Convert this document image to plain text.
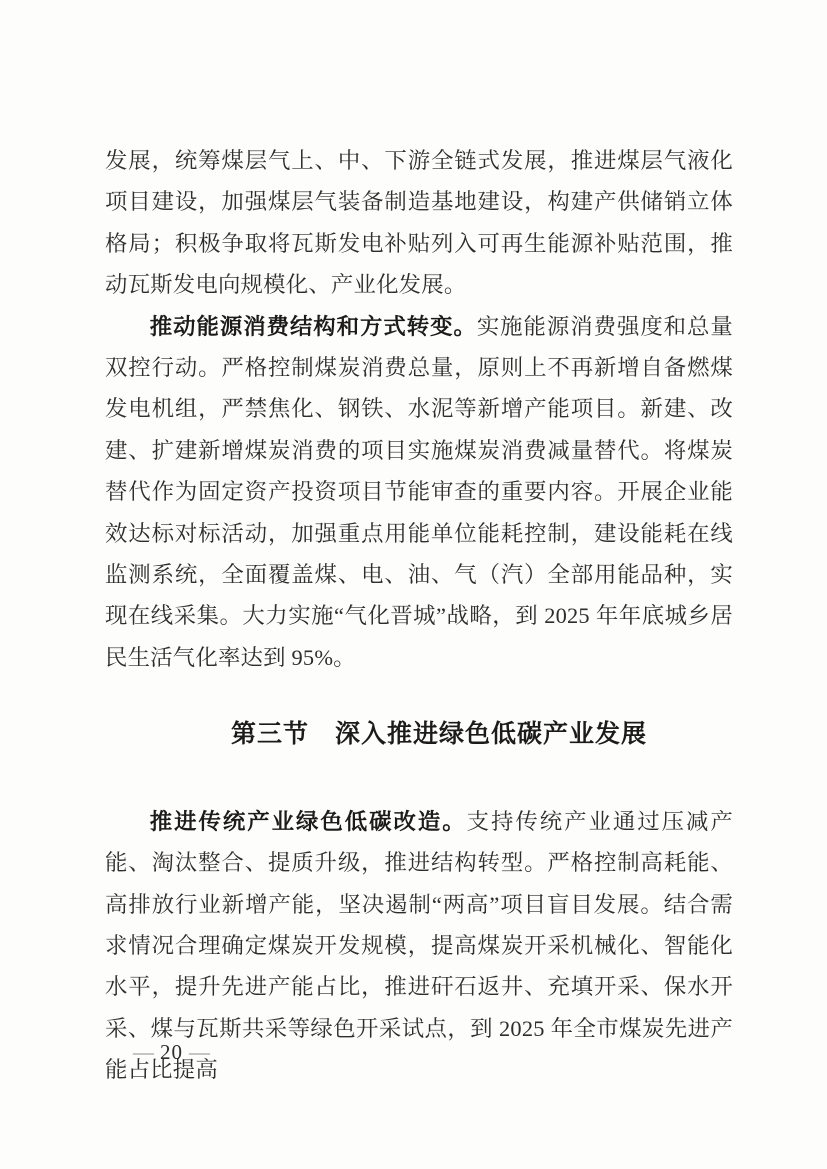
发展，统筹煤层气上、中、下游全链式发展，推进煤层气液化项目建设，加强煤层气装备制造基地建设，构建产供储销立体格局；积极争取将瓦斯发电补贴列入可再生能源补贴范围，推动瓦斯发电向规模化、产业化发展。

推动能源消费结构和方式转变。实施能源消费强度和总量双控行动。严格控制煤炭消费总量，原则上不再新增自备燃煤发电机组，严禁焦化、钢铁、水泥等新增产能项目。新建、改建、扩建新增煤炭消费的项目实施煤炭消费减量替代。将煤炭替代作为固定资产投资项目节能审查的重要内容。开展企业能效达标对标活动，加强重点用能单位能耗控制，建设能耗在线监测系统，全面覆盖煤、电、油、气（汽）全部用能品种，实现在线采集。大力实施“气化晋城”战略，到 2025 年年底城乡居民生活气化率达到 95%。

第三节　深入推进绿色低碳产业发展

推进传统产业绿色低碳改造。支持传统产业通过压减产能、淘汰整合、提质升级，推进结构转型。严格控制高耗能、高排放行业新增产能，坚决遏制“两高”项目盲目发展。结合需求情况合理确定煤炭开发规模，提高煤炭开采机械化、智能化水平，提升先进产能占比，推进矸石返井、充填开采、保水开采、煤与瓦斯共采等绿色开采试点，到 2025 年全市煤炭先进产能占比提高

— 20 —
